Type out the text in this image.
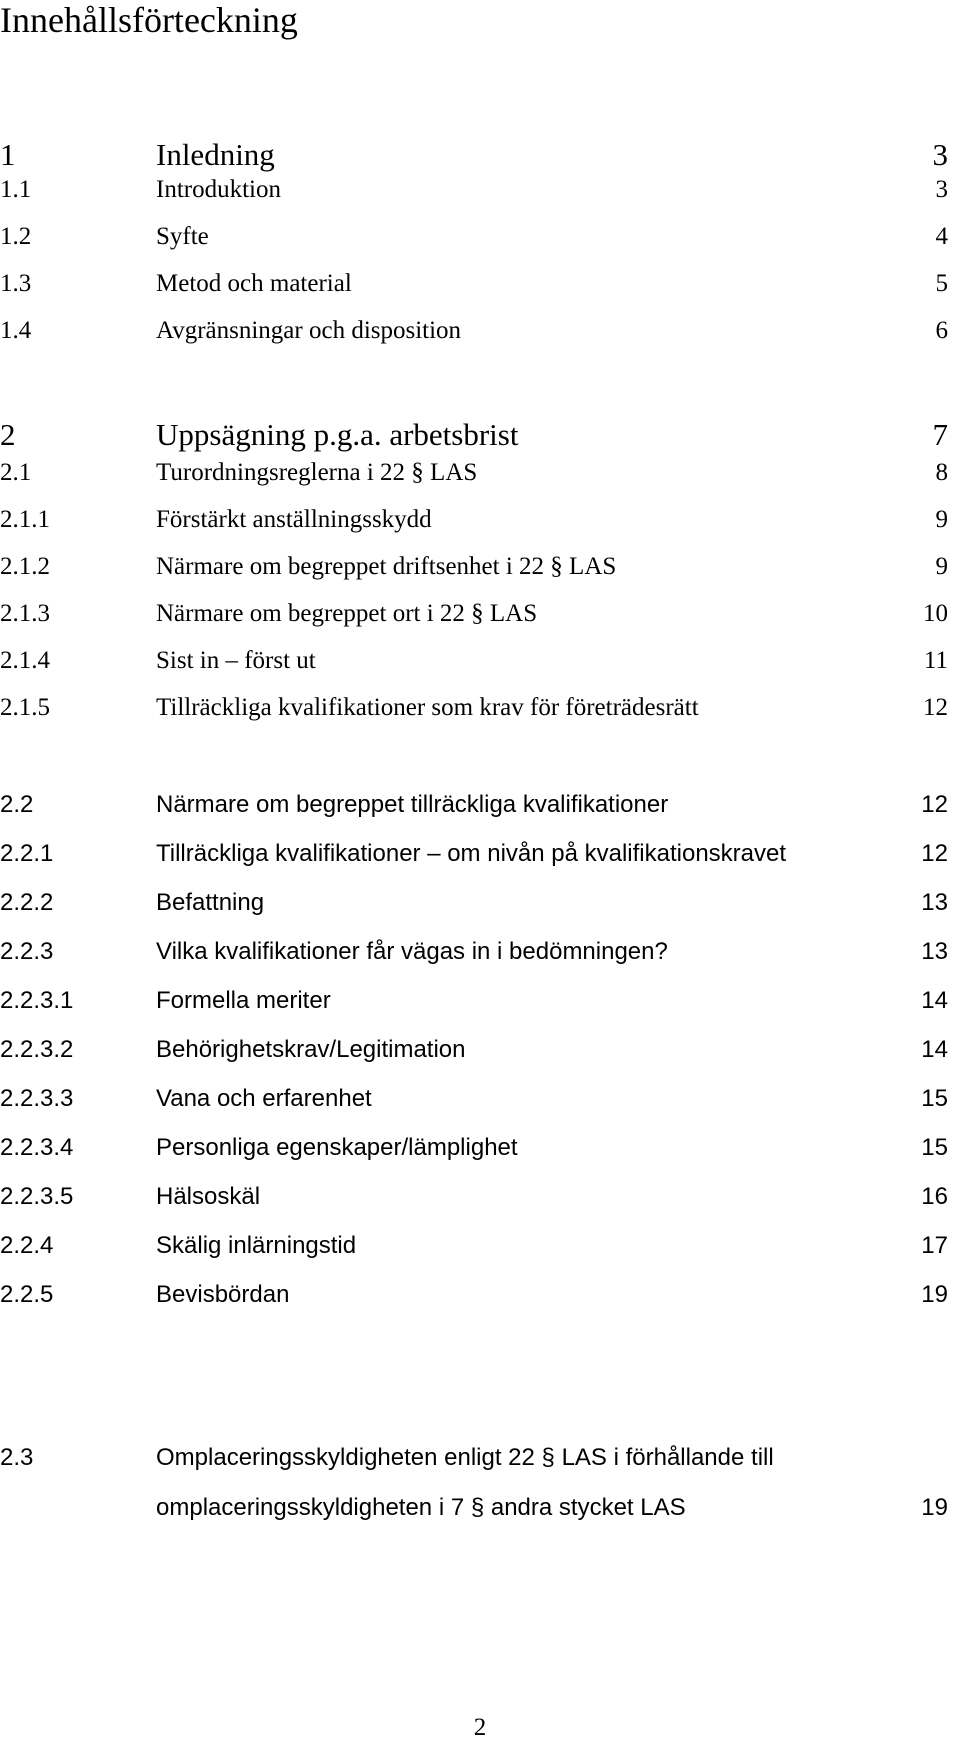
Innehållsförteckning
1	Inledning	3
1.1	Introduktion	3
1.2	Syfte	4
1.3	Metod och material	5
1.4	Avgränsningar och disposition	6
2	Uppsägning p.g.a. arbetsbrist	7
2.1	Turordningsreglerna i 22 § LAS	8
2.1.1	Förstärkt anställningsskydd	9
2.1.2	Närmare om begreppet driftsenhet i 22 § LAS	9
2.1.3	Närmare om begreppet ort i 22 § LAS	10
2.1.4	Sist in – först ut	11
2.1.5	Tillräckliga kvalifikationer som krav för företrädesrätt	12
2.2	Närmare om begreppet tillräckliga kvalifikationer	12
2.2.1	Tillräckliga kvalifikationer – om nivån på kvalifikationskravet	12
2.2.2	Befattning	13
2.2.3	Vilka kvalifikationer får vägas in i bedömningen?	13
2.2.3.1	Formella meriter	14
2.2.3.2	Behörighetskrav/Legitimation	14
2.2.3.3	Vana och erfarenhet	15
2.2.3.4	Personliga egenskaper/lämplighet	15
2.2.3.5	Hälsoskäl	16
2.2.4	Skälig inlärningstid	17
2.2.5	Bevisbördan	19
2.3	Omplaceringsskyldigheten enligt 22 § LAS i förhållande till
omplaceringsskyldigheten i 7 § andra stycket LAS	19
2
